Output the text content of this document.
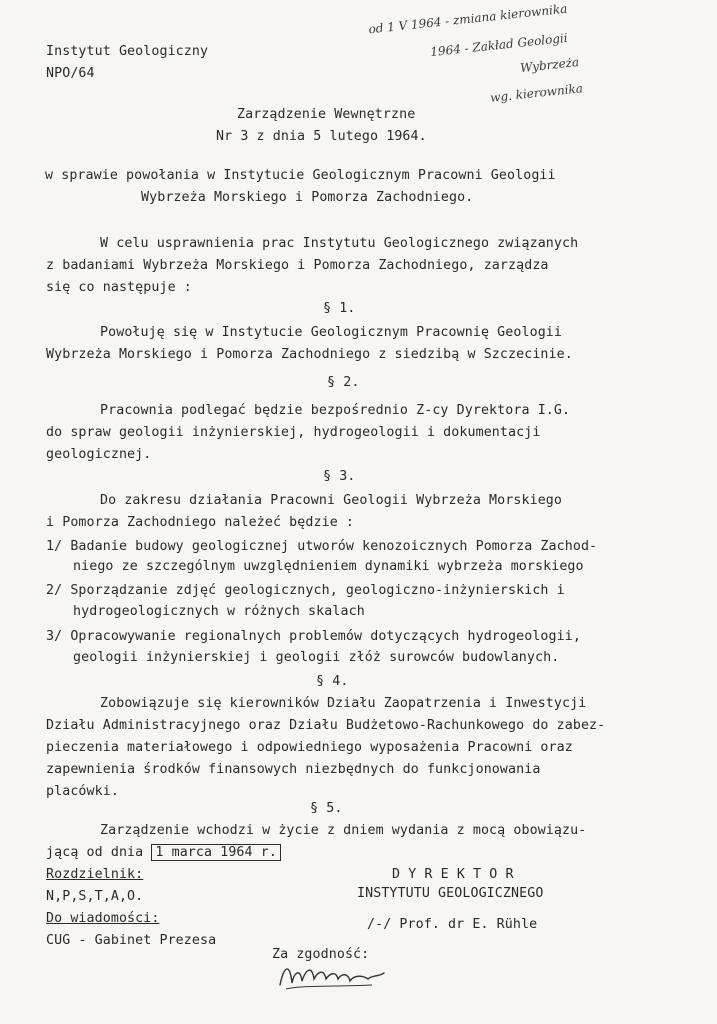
od 1 V 1964 - zmiana kierownika
1964 - Zakład Geologii
Wybrzeża
wg. kierownika
Instytut Geologiczny
NPO/64
Zarządzenie Wewnętrzne
Nr 3 z dnia 5 lutego 1964.
w sprawie powołania w Instytucie Geologicznym Pracowni Geologii
Wybrzeża Morskiego i Pomorza Zachodniego.
W celu usprawnienia prac Instytutu Geologicznego związanych
z badaniami Wybrzeża Morskiego i Pomorza Zachodniego, zarządza
się co następuje :
§ 1.
Powołuję się w Instytucie Geologicznym Pracownię Geologii
Wybrzeża Morskiego i Pomorza Zachodniego z siedzibą w Szczecinie.
§ 2.
Pracownia podlegać będzie bezpośrednio Z-cy Dyrektora I.G.
do spraw geologii inżynierskiej, hydrogeologii i dokumentacji
geologicznej.
§ 3.
Do zakresu działania Pracowni Geologii Wybrzeża Morskiego
i Pomorza Zachodniego należeć będzie :
1/ Badanie budowy geologicznej utworów kenozoicznych Pomorza Zachod-
niego ze szczególnym uwzględnieniem dynamiki wybrzeża morskiego
2/ Sporządzanie zdjęć geologicznych, geologiczno-inżynierskich i
hydrogeologicznych w różnych skalach
3/ Opracowywanie regionalnych problemów dotyczących hydrogeologii,
geologii inżynierskiej i geologii złóż surowców budowlanych.
§ 4.
Zobowiązuje się kierowników Działu Zaopatrzenia i Inwestycji
Działu Administracyjnego oraz Działu Budżetowo-Rachunkowego do zabez-
pieczenia materiałowego i odpowiedniego wyposażenia Pracowni oraz
zapewnienia środków finansowych niezbędnych do funkcjonowania
placówki.
§ 5.
Zarządzenie wchodzi w życie z dniem wydania z mocą obowiązu-
jącą od dnia 1 marca 1964 r.
Rozdzielnik:
N,P,S,T,A,O.
Do wiadomości:
CUG - Gabinet Prezesa
D Y R E K T O R
INSTYTUTU GEOLOGICZNEGO
/-/ Prof. dr E. Rühle
Za zgodność:
